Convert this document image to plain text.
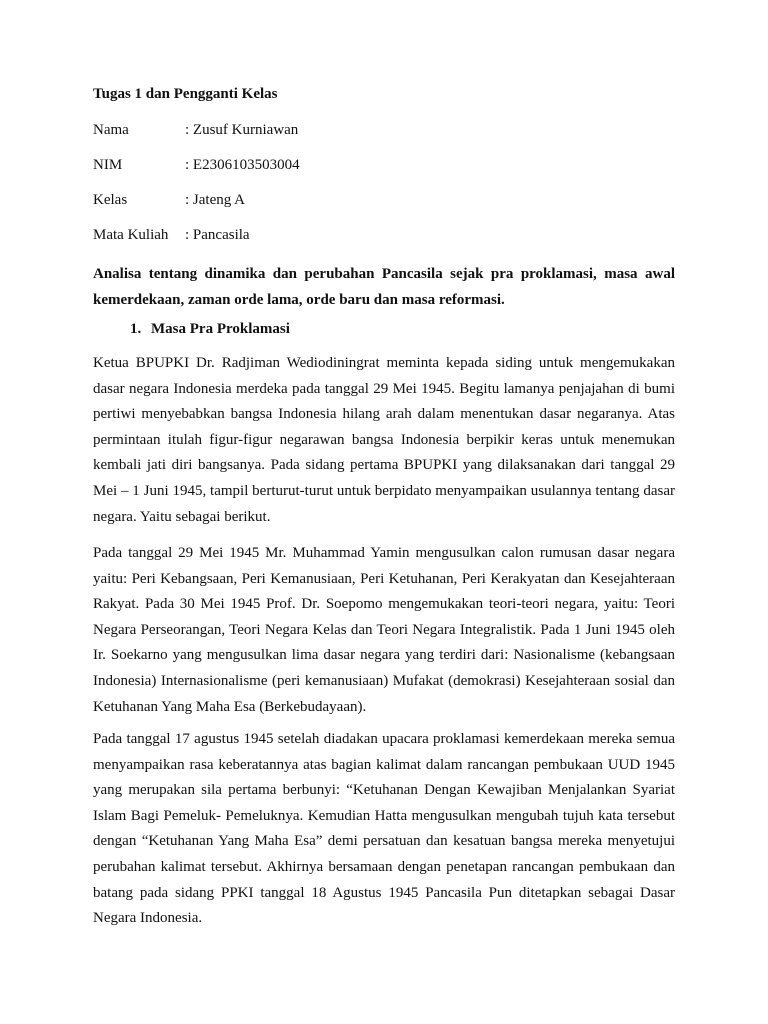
Tugas 1 dan Pengganti Kelas
Nama	: Zusuf Kurniawan
NIM	: E2306103503004
Kelas	: Jateng A
Mata Kuliah : Pancasila
Analisa tentang dinamika dan perubahan Pancasila sejak pra proklamasi, masa awal kemerdekaan, zaman orde lama, orde baru dan masa reformasi.
1. Masa Pra Proklamasi

Ketua BPUPKI Dr. Radjiman Wediodiningrat meminta kepada siding untuk mengemukakan dasar negara Indonesia merdeka pada tanggal 29 Mei 1945. Begitu lamanya penjajahan di bumi pertiwi menyebabkan bangsa Indonesia hilang arah dalam menentukan dasar negaranya. Atas permintaan itulah figur-figur negarawan bangsa Indonesia berpikir keras untuk menemukan kembali jati diri bangsanya. Pada sidang pertama BPUPKI yang dilaksanakan dari tanggal 29 Mei – 1 Juni 1945, tampil berturut-turut untuk berpidato menyampaikan usulannya tentang dasar negara. Yaitu sebagai berikut.

Pada tanggal 29 Mei 1945 Mr. Muhammad Yamin mengusulkan calon rumusan dasar negara yaitu: Peri Kebangsaan, Peri Kemanusiaan, Peri Ketuhanan, Peri Kerakyatan dan Kesejahteraan Rakyat. Pada 30 Mei 1945 Prof. Dr. Soepomo mengemukakan teori-teori negara, yaitu: Teori Negara Perseorangan, Teori Negara Kelas dan Teori Negara Integralistik. Pada 1 Juni 1945 oleh Ir. Soekarno yang mengusulkan lima dasar negara yang terdiri dari: Nasionalisme (kebangsaan Indonesia) Internasionalisme (peri kemanusiaan) Mufakat (demokrasi) Kesejahteraan sosial dan Ketuhanan Yang Maha Esa (Berkebudayaan).

Pada tanggal 17 agustus 1945 setelah diadakan upacara proklamasi kemerdekaan mereka semua menyampaikan rasa keberatannya atas bagian kalimat dalam rancangan pembukaan UUD 1945 yang merupakan sila pertama berbunyi: “Ketuhanan Dengan Kewajiban Menjalankan Syariat Islam Bagi Pemeluk- Pemeluknya. Kemudian Hatta mengusulkan mengubah tujuh kata tersebut dengan “Ketuhanan Yang Maha Esa” demi persatuan dan kesatuan bangsa mereka menyetujui perubahan kalimat tersebut. Akhirnya bersamaan dengan penetapan rancangan pembukaan dan batang pada sidang PPKI tanggal 18 Agustus 1945 Pancasila Pun ditetapkan sebagai Dasar Negara Indonesia.
